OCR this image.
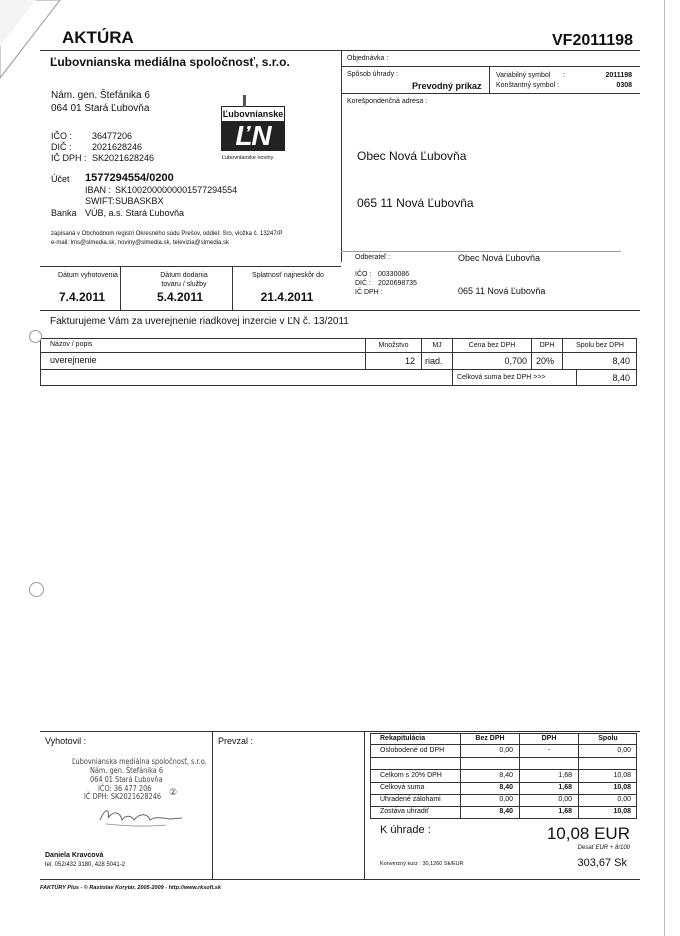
AKTÚRA	VF2011198
Ľubovnianska mediálna spoločnosť, s.r.o.
Nám. gen. Štefánika 6
064 01 Stará Ľubovňa
IČO : 36477206
DIČ : 2021628246
IČ DPH : SK2021628246
Účet 1577294554/0200
IBAN : SK1002000000001577294554
SWIFT: SUBASKBX
Banka VÚB, a.s. Stará Ľubovňa
zapísaná v Obchodnom registri Okresného súdu Prešov, oddiel: Sro, vložka č. 13247/P
e-mail: lms@slmedia.sk, noviny@slmedia.sk, televizia@slmedia.sk
Ľubovnianske
ĽN
Ľubovnianske noviny
Objednávka :
Spôsob úhrady :
Prevodný príkaz
Variabilný symbol :	2011198
Konštantný symbol :	0308
Korešpondenčná adresa :
Obec Nová Ľubovňa
065 11 Nová Ľubovňa
Odberateľ :	Obec Nová Ľubovňa
IČO : 00330086
DIČ : 2020698735
IČ DPH :	065 11 Nová Ľubovňa
Dátum vyhotovenia
7.4.2011
Dátum dodania tovaru / služby
5.4.2011
Splatnosť najneskôr do
21.4.2011
Fakturujeme Vám za uverejnenie riadkovej inzercie v ĽN č. 13/2011
Názov / popis	Množstvo	MJ	Cena bez DPH	DPH	Spolu bez DPH
uverejnenie	12 riad.	0,700 20%	8,40
Celková suma bez DPH >>>	8,40
Vyhotovil :	Prevzal :
Ľubovnianska mediálna spoločnosť, s.r.o.
Nám. gen. Štefánika 6
064 01 Stará Ľubovňa
IČO: 36 477 206
IČ DPH: SK2021628246 ②
Daniela Kravcová
tel. 052/432 3180, 428 5041-2
Rekapitulácia	Bez DPH	DPH	Spolu
Oslobodené od DPH	0,00	-	0,00
Celkom s 20% DPH	8,40	1,68	10,08
Celková suma	8,40	1,68	10,08
Uhradené zálohami	0,00	0,00	0,00
Zostáva uhradiť	8,40	1,68	10,08
K úhrade :	10,08 EUR
Desať EUR + 8/100
Konverzný kurz : 30,1260 Sk/EUR	303,67 Sk
FAKTÚRY Plus - © Rastislav Korytár, 2005-2009 - http://www.rksoft.sk
